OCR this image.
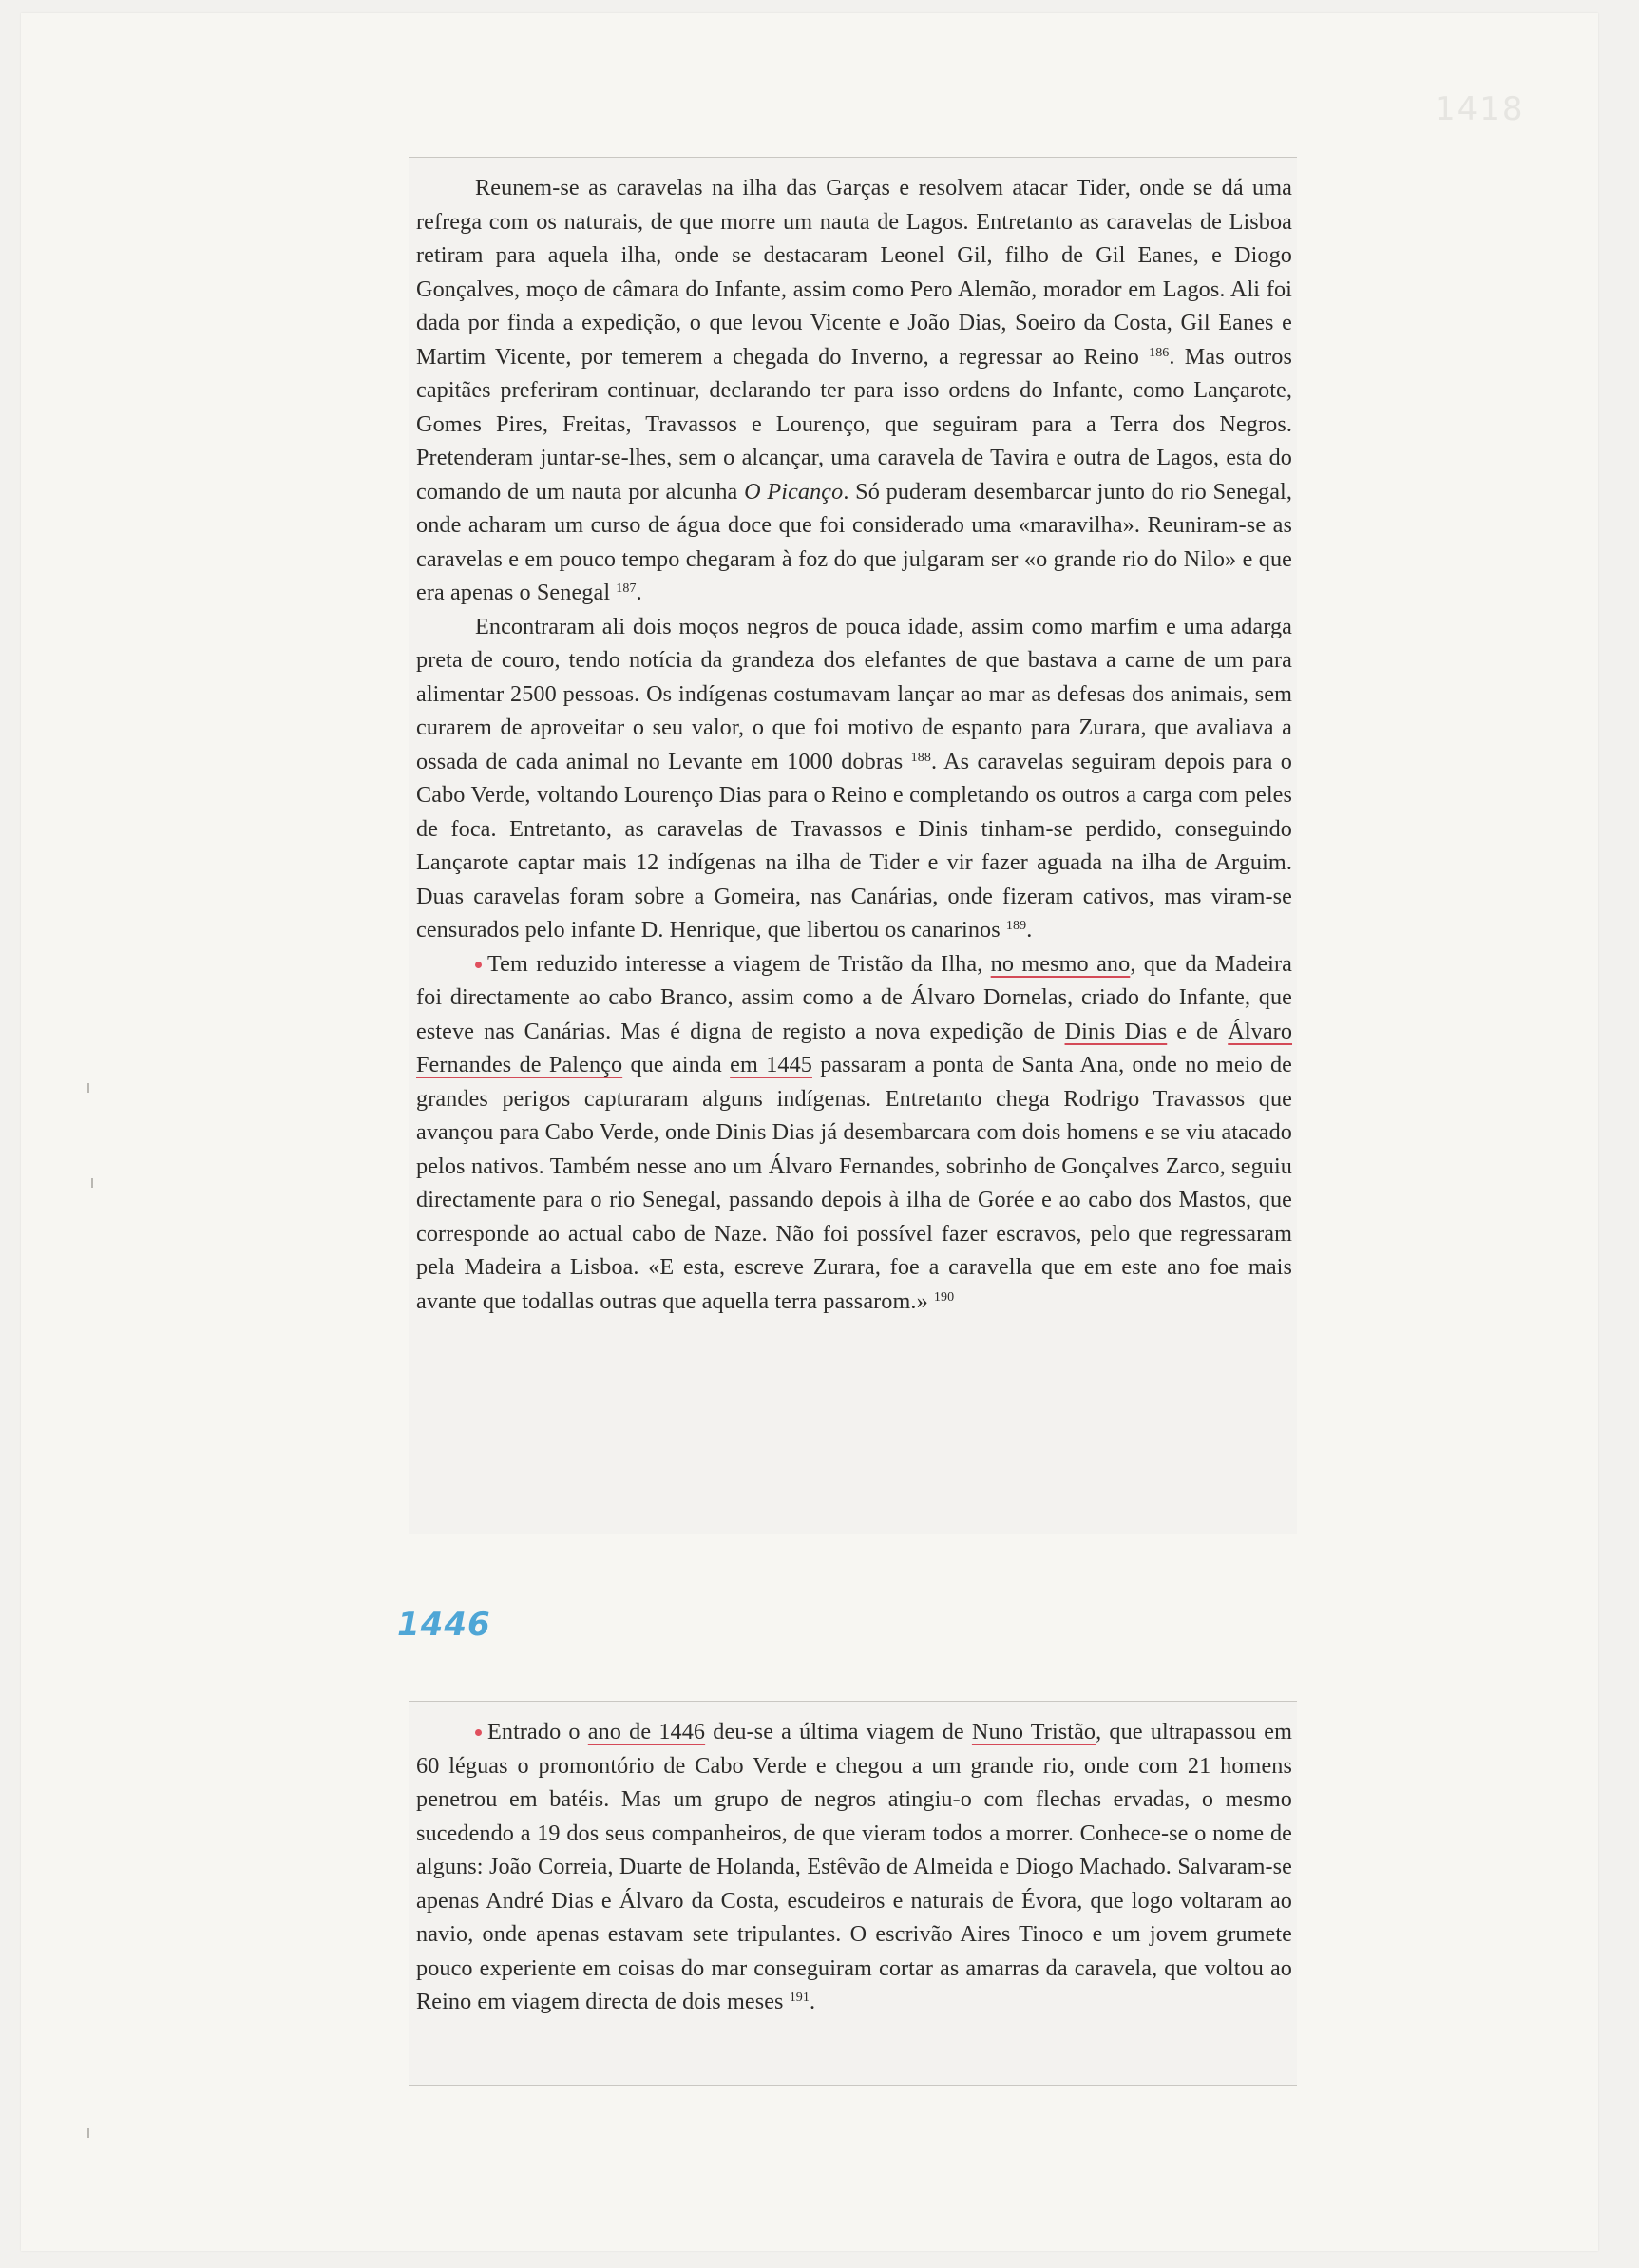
1418

Reunem-se as caravelas na ilha das Garças e resolvem atacar Tider, onde se dá uma refrega com os naturais, de que morre um nauta de Lagos. Entretanto as caravelas de Lisboa retiram para aquela ilha, onde se destacaram Leonel Gil, filho de Gil Eanes, e Diogo Gonçalves, moço de câmara do Infante, assim como Pero Alemão, morador em Lagos. Ali foi dada por finda a expedição, o que levou Vicente e João Dias, Soeiro da Costa, Gil Eanes e Martim Vicente, por temerem a chegada do Inverno, a regressar ao Reino $^{186}$. Mas outros capitães preferiram continuar, declarando ter para isso ordens do Infante, como Lançarote, Gomes Pires, Freitas, Travassos e Lourenço, que seguiram para a Terra dos Negros. Pretenderam juntar-se-lhes, sem o alcançar, uma caravela de Tavira e outra de Lagos, esta do comando de um nauta por alcunha O Picanço. Só puderam desembarcar junto do rio Senegal, onde acharam um curso de água doce que foi considerado uma «maravilha». Reuniram-se as caravelas e em pouco tempo chegaram à foz do que julgaram ser «o grande rio do Nilo» e que era apenas o Senegal $^{187}$.

Encontraram ali dois moços negros de pouca idade, assim como marfim e uma adarga preta de couro, tendo notícia da grandeza dos elefantes de que bastava a carne de um para alimentar 2500 pessoas. Os indígenas costumavam lançar ao mar as defesas dos animais, sem curarem de aproveitar o seu valor, o que foi motivo de espanto para Zurara, que avaliava a ossada de cada animal no Levante em 1000 dobras $^{188}$. As caravelas seguiram depois para o Cabo Verde, voltando Lourenço Dias para o Reino e completando os outros a carga com peles de foca. Entretanto, as caravelas de Travassos e Dinis tinham-se perdido, conseguindo Lançarote captar mais 12 indígenas na ilha de Tider e vir fazer aguada na ilha de Arguim. Duas caravelas foram sobre a Gomeira, nas Canárias, onde fizeram cativos, mas viram-se censurados pelo infante D. Henrique, que libertou os canarinos $^{189}$.

Tem reduzido interesse a viagem de Tristão da Ilha, no mesmo ano, que da Madeira foi directamente ao cabo Branco, assim como a de Álvaro Dornelas, criado do Infante, que esteve nas Canárias. Mas é digna de registo a nova expedição de Dinis Dias e de Álvaro Fernandes de Palenço que ainda em 1445 passaram a ponta de Santa Ana, onde no meio de grandes perigos capturaram alguns indígenas. Entretanto chega Rodrigo Travassos que avançou para Cabo Verde, onde Dinis Dias já desembarcara com dois homens e se viu atacado pelos nativos. Também nesse ano um Álvaro Fernandes, sobrinho de Gonçalves Zarco, seguiu directamente para o rio Senegal, passando depois à ilha de Gorée e ao cabo dos Mastos, que corresponde ao actual cabo de Naze. Não foi possível fazer escravos, pelo que regressaram pela Madeira a Lisboa. «E esta, escreve Zurara, foe a caravella que em este ano foe mais avante que todallas outras que aquella terra passarom.» $^{190}$

1446

Entrado o ano de 1446 deu-se a última viagem de Nuno Tristão, que ultrapassou em 60 léguas o promontório de Cabo Verde e chegou a um grande rio, onde com 21 homens penetrou em batéis. Mas um grupo de negros atingiu-o com flechas ervadas, o mesmo sucedendo a 19 dos seus companheiros, de que vieram todos a morrer. Conhece-se o nome de alguns: João Correia, Duarte de Holanda, Estêvão de Almeida e Diogo Machado. Salvaram-se apenas André Dias e Álvaro da Costa, escudeiros e naturais de Évora, que logo voltaram ao navio, onde apenas estavam sete tripulantes. O escrivão Aires Tinoco e um jovem grumete pouco experiente em coisas do mar conseguiram cortar as amarras da caravela, que voltou ao Reino em viagem directa de dois meses $^{191}$.
